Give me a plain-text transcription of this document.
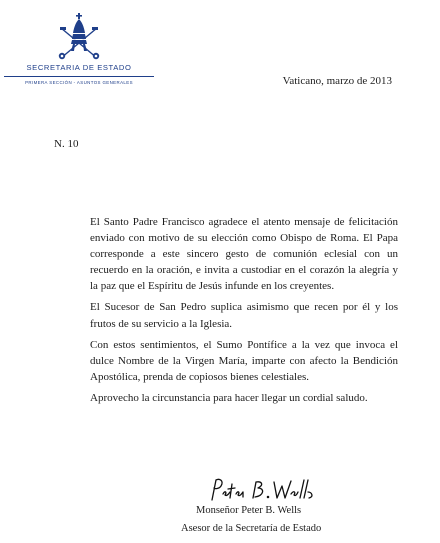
SECRETARIA DE ESTADO
PRIMERA SECCIÓN - ASUNTOS GENERALES	Vaticano, marzo de 2013
N. 10

El Santo Padre Francisco agradece el atento mensaje de felicitación enviado con motivo de su elección como Obispo de Roma. El Papa corresponde a este sincero gesto de comunión eclesial con un recuerdo en la oración, e invita a custodiar en el corazón la alegría y la paz que el Espíritu de Jesús infunde en los creyentes.

El Sucesor de San Pedro suplica asimismo que recen por él y los frutos de su servicio a la Iglesia.

Con estos sentimientos, el Sumo Pontífice a la vez que invoca el dulce Nombre de la Virgen María, imparte con afecto la Bendición Apostólica, prenda de copiosos bienes celestiales.

Aprovecho la circunstancia para hacer llegar un cordial saludo.

Monseñor Peter B. Wells
Asesor de la Secretaría de Estado
